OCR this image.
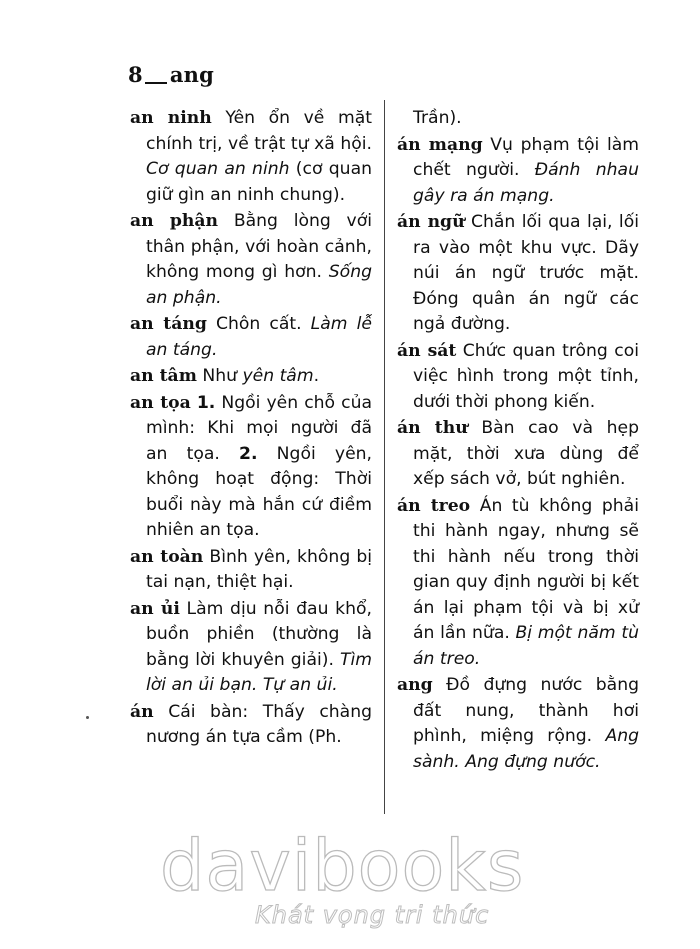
8 ang
an ninh Yên ổn về mặt chính trị, về trật tự xã hội. Cơ quan an ninh (cơ quan giữ gìn an ninh chung).
an phận Bằng lòng với thân phận, với hoàn cảnh, không mong gì hơn. Sống an phận.
an táng Chôn cất. Làm lễ an táng.
an tâm Như yên tâm.
an tọa 1. Ngồi yên chỗ của mình: Khi mọi người đã an tọa. 2. Ngồi yên, không hoạt động: Thời buổi này mà hắn cứ điềm nhiên an tọa.
an toàn Bình yên, không bị tai nạn, thiệt hại.
an ủi Làm dịu nỗi đau khổ, buồn phiền (thường là bằng lời khuyên giải). Tìm lời an ủi bạn. Tự an ủi.
án Cái bàn: Thấy chàng nương án tựa cầm (Ph.
Trần).
án mạng Vụ phạm tội làm chết người. Đánh nhau gây ra án mạng.
án ngữ Chắn lối qua lại, lối ra vào một khu vực. Dãy núi án ngữ trước mặt. Đóng quân án ngữ các ngả đường.
án sát Chức quan trông coi việc hình trong một tỉnh, dưới thời phong kiến.
án thư Bàn cao và hẹp mặt, thời xưa dùng để xếp sách vở, bút nghiên.
án treo Án tù không phải thi hành ngay, nhưng sẽ thi hành nếu trong thời gian quy định người bị kết án lại phạm tội và bị xử án lần nữa. Bị một năm tù án treo.
ang Đồ đựng nước bằng đất nung, thành hơi phình, miệng rộng. Ang sành. Ang đựng nước.
davibooks
Khát vọng tri thức
